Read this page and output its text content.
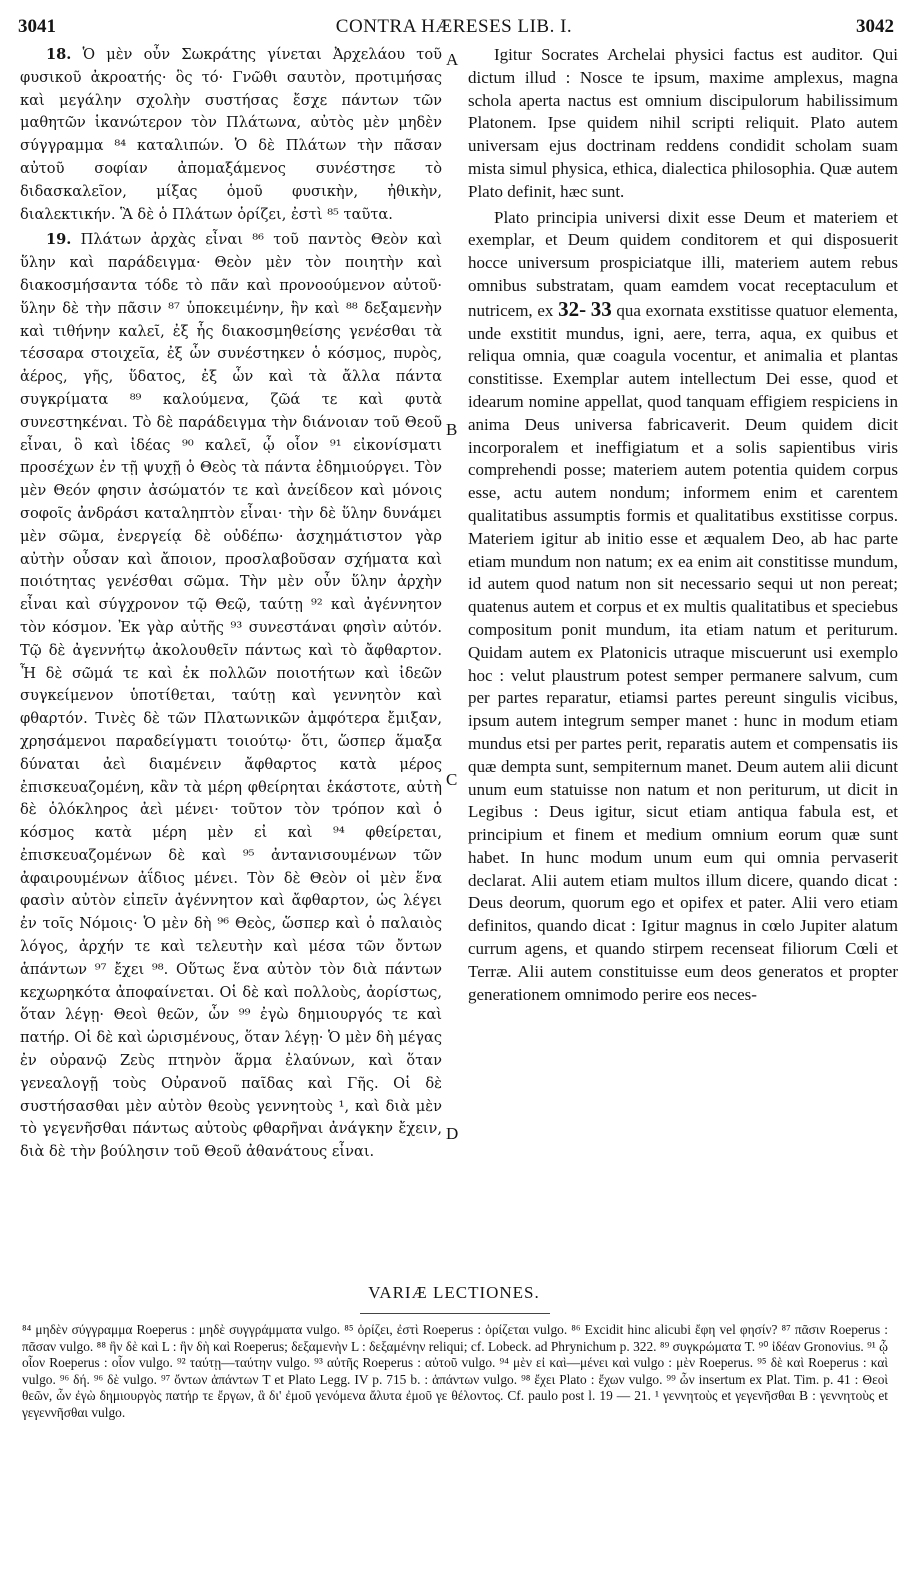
3041	CONTRA HÆRESES LIB. I.	3042

18. Ὁ μὲν οὖν Σωκράτης γίνεται Ἀρχελάου τοῦ φυσικοῦ ἀκροατής· ὃς τό· Γνῶθι σαυτὸν, προτιμήσας καὶ μεγάλην σχολὴν συστήσας ἔσχε πάντων τῶν μαθητῶν ἱκανώτερον τὸν Πλάτωνα, αὐτὸς μὲν μηδὲν σύγγραμμα ⁸⁴ καταλιπών. Ὁ δὲ Πλάτων τὴν πᾶσαν αὐτοῦ σοφίαν ἀπομαξάμενος συνέστησε τὸ διδασκαλεῖον, μίξας ὁμοῦ φυσικὴν, ἠθικὴν, διαλεκτικήν. Ἃ δὲ ὁ Πλάτων ὁρίζει, ἐστὶ ⁸⁵ ταῦτα.

19. Πλάτων ἀρχὰς εἶναι ⁸⁶ τοῦ παντὸς Θεὸν καὶ ὕλην καὶ παράδειγμα· Θεὸν μὲν τὸν ποιητὴν καὶ διακοσμήσαντα τόδε τὸ πᾶν καὶ προνοούμενον αὐτοῦ· ὕλην δὲ τὴν πᾶσιν ⁸⁷ ὑποκειμένην, ἣν καὶ ⁸⁸ δεξαμενὴν καὶ τιθήνην καλεῖ, ἐξ ἧς διακοσμηθείσης γενέσθαι τὰ τέσσαρα στοιχεῖα, ἐξ ὧν συνέστηκεν ὁ κόσμος, πυρὸς, ἀέρος, γῆς, ὕδατος, ἐξ ὧν καὶ τὰ ἄλλα πάντα συγκρίματα ⁸⁹ καλούμενα, ζῶά τε καὶ φυτὰ συνεστηκέναι. Τὸ δὲ παράδειγμα τὴν διάνοιαν τοῦ Θεοῦ εἶναι, ὃ καὶ ἰδέας ⁹⁰ καλεῖ, ᾧ οἷον ⁹¹ εἰκονίσματι προσέχων ἐν τῇ ψυχῇ ὁ Θεὸς τὰ πάντα ἐδημιούργει. Τὸν μὲν Θεόν φησιν ἀσώματόν τε καὶ ἀνείδεον καὶ μόνοις σοφοῖς ἀνδράσι καταληπτὸν εἶναι· τὴν δὲ ὕλην δυνάμει μὲν σῶμα, ἐνεργείᾳ δὲ οὐδέπω· ἀσχημάτιστον γὰρ αὐτὴν οὖσαν καὶ ἄποιον, προσλαβοῦσαν σχήματα καὶ ποιότητας γενέσθαι σῶμα. Τὴν μὲν οὖν ὕλην ἀρχὴν εἶναι καὶ σύγχρονον τῷ Θεῷ, ταύτῃ ⁹² καὶ ἀγέννητον τὸν κόσμον. Ἐκ γὰρ αὐτῆς ⁹³ συνεστάναι φησὶν αὐτόν. Τῷ δὲ ἀγεννήτῳ ἀκολουθεῖν πάντως καὶ τὸ ἄφθαρτον. Ἧ δὲ σῶμά τε καὶ ἐκ πολλῶν ποιοτήτων καὶ ἰδεῶν συγκείμενον ὑποτίθεται, ταύτῃ καὶ γεννητὸν καὶ φθαρτόν. Τινὲς δὲ τῶν Πλατωνικῶν ἀμφότερα ἔμιξαν, χρησάμενοι παραδείγματι τοιούτῳ· ὅτι, ὥσπερ ἅμαξα δύναται ἀεὶ διαμένειν ἄφθαρτος κατὰ μέρος ἐπισκευαζομένη, κἂν τὰ μέρη φθείρηται ἑκάστοτε, αὐτὴ δὲ ὁλόκληρος ἀεὶ μένει· τοῦτον τὸν τρόπον καὶ ὁ κόσμος κατὰ μέρη μὲν εἰ καὶ ⁹⁴ φθείρεται, ἐπισκευαζομένων δὲ καὶ ⁹⁵ ἀντανισουμένων τῶν ἀφαιρουμένων ἀΐδιος μένει. Τὸν δὲ Θεὸν οἱ μὲν ἕνα φασὶν αὐτὸν εἰπεῖν ἀγέννητον καὶ ἄφθαρτον, ὡς λέγει ἐν τοῖς Νόμοις· Ὁ μὲν δὴ ⁹⁶ Θεὸς, ὥσπερ καὶ ὁ παλαιὸς λόγος, ἀρχήν τε καὶ τελευτὴν καὶ μέσα τῶν ὄντων ἁπάντων ⁹⁷ ἔχει ⁹⁸. Οὕτως ἕνα αὐτὸν τὸν διὰ πάντων κεχωρηκότα ἀποφαίνεται. Οἱ δὲ καὶ πολλοὺς, ἀορίστως, ὅταν λέγῃ· Θεοὶ θεῶν, ὧν ⁹⁹ ἐγὼ δημιουργός τε καὶ πατήρ. Οἱ δὲ καὶ ὡρισμένους, ὅταν λέγῃ· Ὁ μὲν δὴ μέγας ἐν οὐρανῷ Ζεὺς πτηνὸν ἅρμα ἐλαύνων, καὶ ὅταν γενεαλογῇ τοὺς Οὐρανοῦ παῖδας καὶ Γῆς. Οἱ δὲ συστήσασθαι μὲν αὐτὸν θεοὺς γεννητοὺς ¹, καὶ διὰ μὲν τὸ γεγενῆσθαι πάντως αὐτοὺς φθαρῆναι ἀνάγκην ἔχειν, διὰ δὲ τὴν βούλησιν τοῦ Θεοῦ ἀθανάτους εἶναι.

A
B
C
D

Igitur Socrates Archelai physici factus est auditor. Qui dictum illud : Nosce te ipsum, maxime amplexus, magna schola aperta nactus est omnium discipulorum habilissimum Platonem. Ipse quidem nihil scripti reliquit. Plato autem universam ejus doctrinam reddens condidit scholam suam mista simul physica, ethica, dialectica philosophia. Quæ autem Plato definit, hæc sunt.

Plato principia universi dixit esse Deum et materiem et exemplar, et Deum quidem conditorem et qui disposuerit hocce universum prospiciatque illi, materiem autem rebus omnibus substratam, quam eamdem vocat receptaculum et nutricem, ex 32- 33 qua exornata exstitisse quatuor elementa, unde exstitit mundus, igni, aere, terra, aqua, ex quibus et reliqua omnia, quæ coagula vocentur, et animalia et plantas constitisse. Exemplar autem intellectum Dei esse, quod et idearum nomine appellat, quod tanquam effigiem respiciens in anima Deus universa fabricaverit. Deum quidem dicit incorporalem et ineffigiatum et a solis sapientibus viris comprehendi posse; materiem autem potentia quidem corpus esse, actu autem nondum; informem enim et carentem qualitatibus assumptis formis et qualitatibus exstitisse corpus. Materiem igitur ab initio esse et æqualem Deo, ab hac parte etiam mundum non natum; ex ea enim ait constitisse mundum, id autem quod natum non sit necessario sequi ut non pereat; quatenus autem et corpus et ex multis qualitatibus et speciebus compositum ponit mundum, ita etiam natum et periturum. Quidam autem ex Platonicis utraque miscuerunt usi exemplo hoc : velut plaustrum potest semper permanere salvum, cum per partes reparatur, etiamsi partes pereunt singulis vicibus, ipsum autem integrum semper manet : hunc in modum etiam mundus etsi per partes perit, reparatis autem et compensatis iis quæ dempta sunt, sempiternum manet. Deum autem alii dicunt unum eum statuisse non natum et non periturum, ut dicit in Legibus : Deus igitur, sicut etiam antiqua fabula est, et principium et finem et medium omnium eorum quæ sunt habet. In hunc modum unum eum qui omnia pervaserit declarat. Alii autem etiam multos illum dicere, quando dicat : Deus deorum, quorum ego et opifex et pater. Alii vero etiam definitos, quando dicat : Igitur magnus in cœlo Jupiter alatum currum agens, et quando stirpem recenseat filiorum Cœli et Terræ. Alii autem constituisse eum deos generatos et propter generationem omnimodo perire eos neces-

VARIÆ LECTIONES.
⁸⁴ μηδὲν σύγγραμμα Roeperus : μηδὲ συγγράμματα vulgo. ⁸⁵ ὁρίζει, ἐστὶ Roeperus : ὁρίζεται vulgo. ⁸⁶ Excidit hinc alicubi ἔφη vel φησίν? ⁸⁷ πᾶσιν Roeperus : πᾶσαν vulgo. ⁸⁸ ἣν δὲ καὶ L : ἣν δὴ καὶ Roeperus; δεξαμενὴν L : δεξαμένην reliqui; cf. Lobeck. ad Phrynichum p. 322. ⁸⁹ συγκρώματα T. ⁹⁰ ἰδέαν Gronovius. ⁹¹ ᾧ οἷον Roeperus : οἷον vulgo. ⁹² ταύτῃ—ταύτην vulgo. ⁹³ αὐτῆς Roeperus : αὐτοῦ vulgo. ⁹⁴ μὲν εἰ καὶ—μένει καὶ vulgo : μὲν Roeperus. ⁹⁵ δὲ καὶ Roeperus : καὶ vulgo. ⁹⁶ δή. ⁹⁶ δὲ vulgo. ⁹⁷ ὄντων ἁπάντων T et Plato Legg. IV p. 715 b. : ἁπάντων vulgo. ⁹⁸ ἔχει Plato : ἔχων vulgo. ⁹⁹ ὧν insertum ex Plat. Tim. p. 41 : Θεοὶ θεῶν, ὧν ἐγὼ δημιουργὸς πατήρ τε ἔργων, ἃ δι' ἐμοῦ γενόμενα ἄλυτα ἐμοῦ γε θέλοντος. Cf. paulo post l. 19 — 21. ¹ γεννητοὺς et γεγενῆσθαι B : γεννητοὺς et γεγεννῆσθαι vulgo.
